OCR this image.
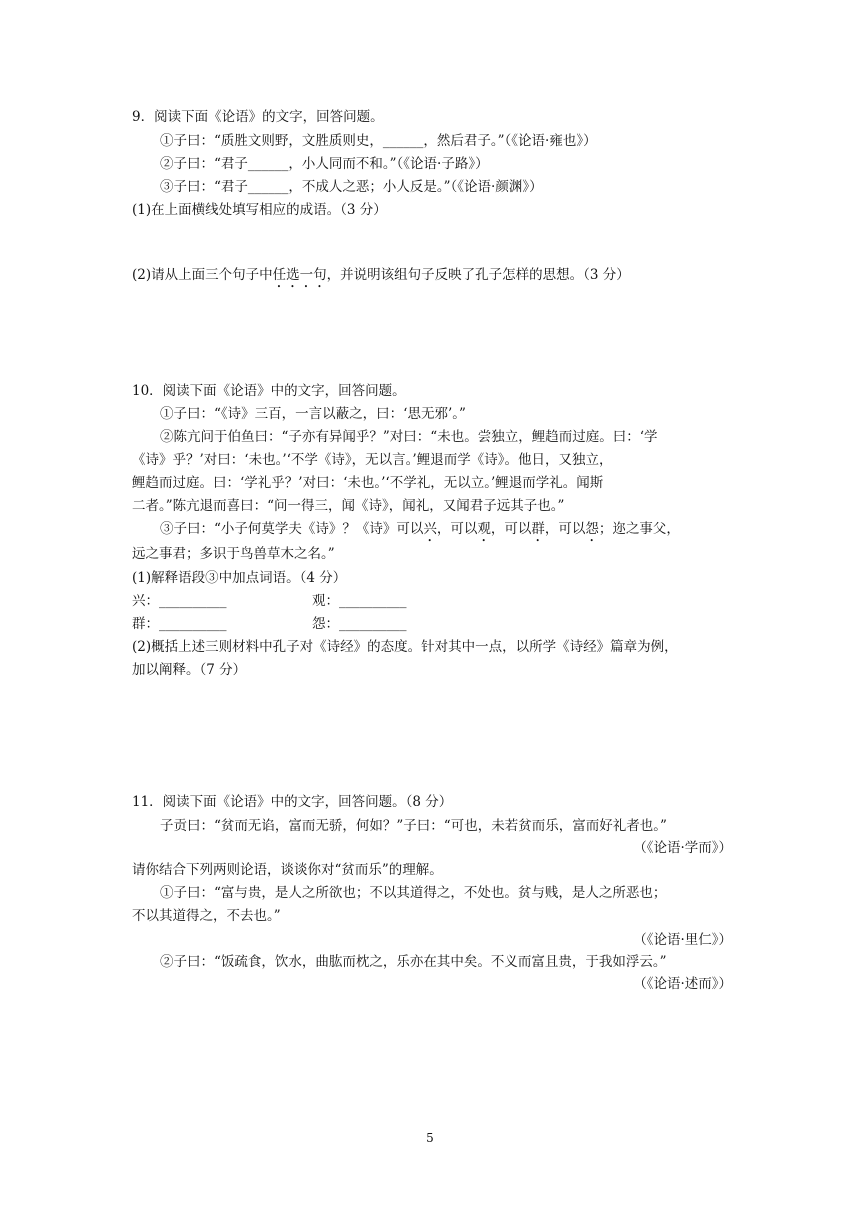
9．阅读下面《论语》的文字，回答问题。
①子曰：“质胜文则野，文胜质则史，______，然后君子。”（《论语·雍也》）
②子曰：“君子______，小人同而不和。”（《论语·子路》）
③子曰：“君子______，不成人之恶；小人反是。”（《论语·颜渊》）
(1)在上面横线处填写相应的成语。（3 分）
(2)请从上面三个句子中任选一句，并说明该组句子反映了孔子怎样的思想。（3 分）
10．阅读下面《论语》中的文字，回答问题。
①子曰：“《诗》三百，一言以蔽之，曰：‘思无邪’。”
②陈亢问于伯鱼曰：“子亦有异闻乎？”对曰：“未也。尝独立，鲤趋而过庭。曰：‘学
《诗》乎？’对曰：‘未也。’‘不学《诗》，无以言。’鲤退而学《诗》。他日，又独立，
鲤趋而过庭。曰：‘学礼乎？’对曰：‘未也。’‘不学礼，无以立。’鲤退而学礼。闻斯
二者。”陈亢退而喜曰：“问一得三，闻《诗》，闻礼，又闻君子远其子也。”
③子曰：“小子何莫学夫《诗》？《诗》可以兴，可以观，可以群，可以怨；迩之事父，
远之事君；多识于鸟兽草木之名。”
(1)解释语段③中加点词语。（4 分）
兴：__________	观：__________
群：__________	怨：__________
(2)概括上述三则材料中孔子对《诗经》的态度。针对其中一点，以所学《诗经》篇章为例，
加以阐释。（7 分）
11．阅读下面《论语》中的文字，回答问题。（8 分）
子贡曰：“贫而无谄，富而无骄，何如？”子曰：“可也，未若贫而乐，富而好礼者也。”
（《论语·学而》）
请你结合下列两则论语，谈谈你对“贫而乐”的理解。
①子曰：“富与贵，是人之所欲也；不以其道得之，不处也。贫与贱，是人之所恶也；
不以其道得之，不去也。”
（《论语·里仁》）
②子曰：“饭疏食，饮水，曲肱而枕之，乐亦在其中矣。不义而富且贵，于我如浮云。”
（《论语·述而》）
5
